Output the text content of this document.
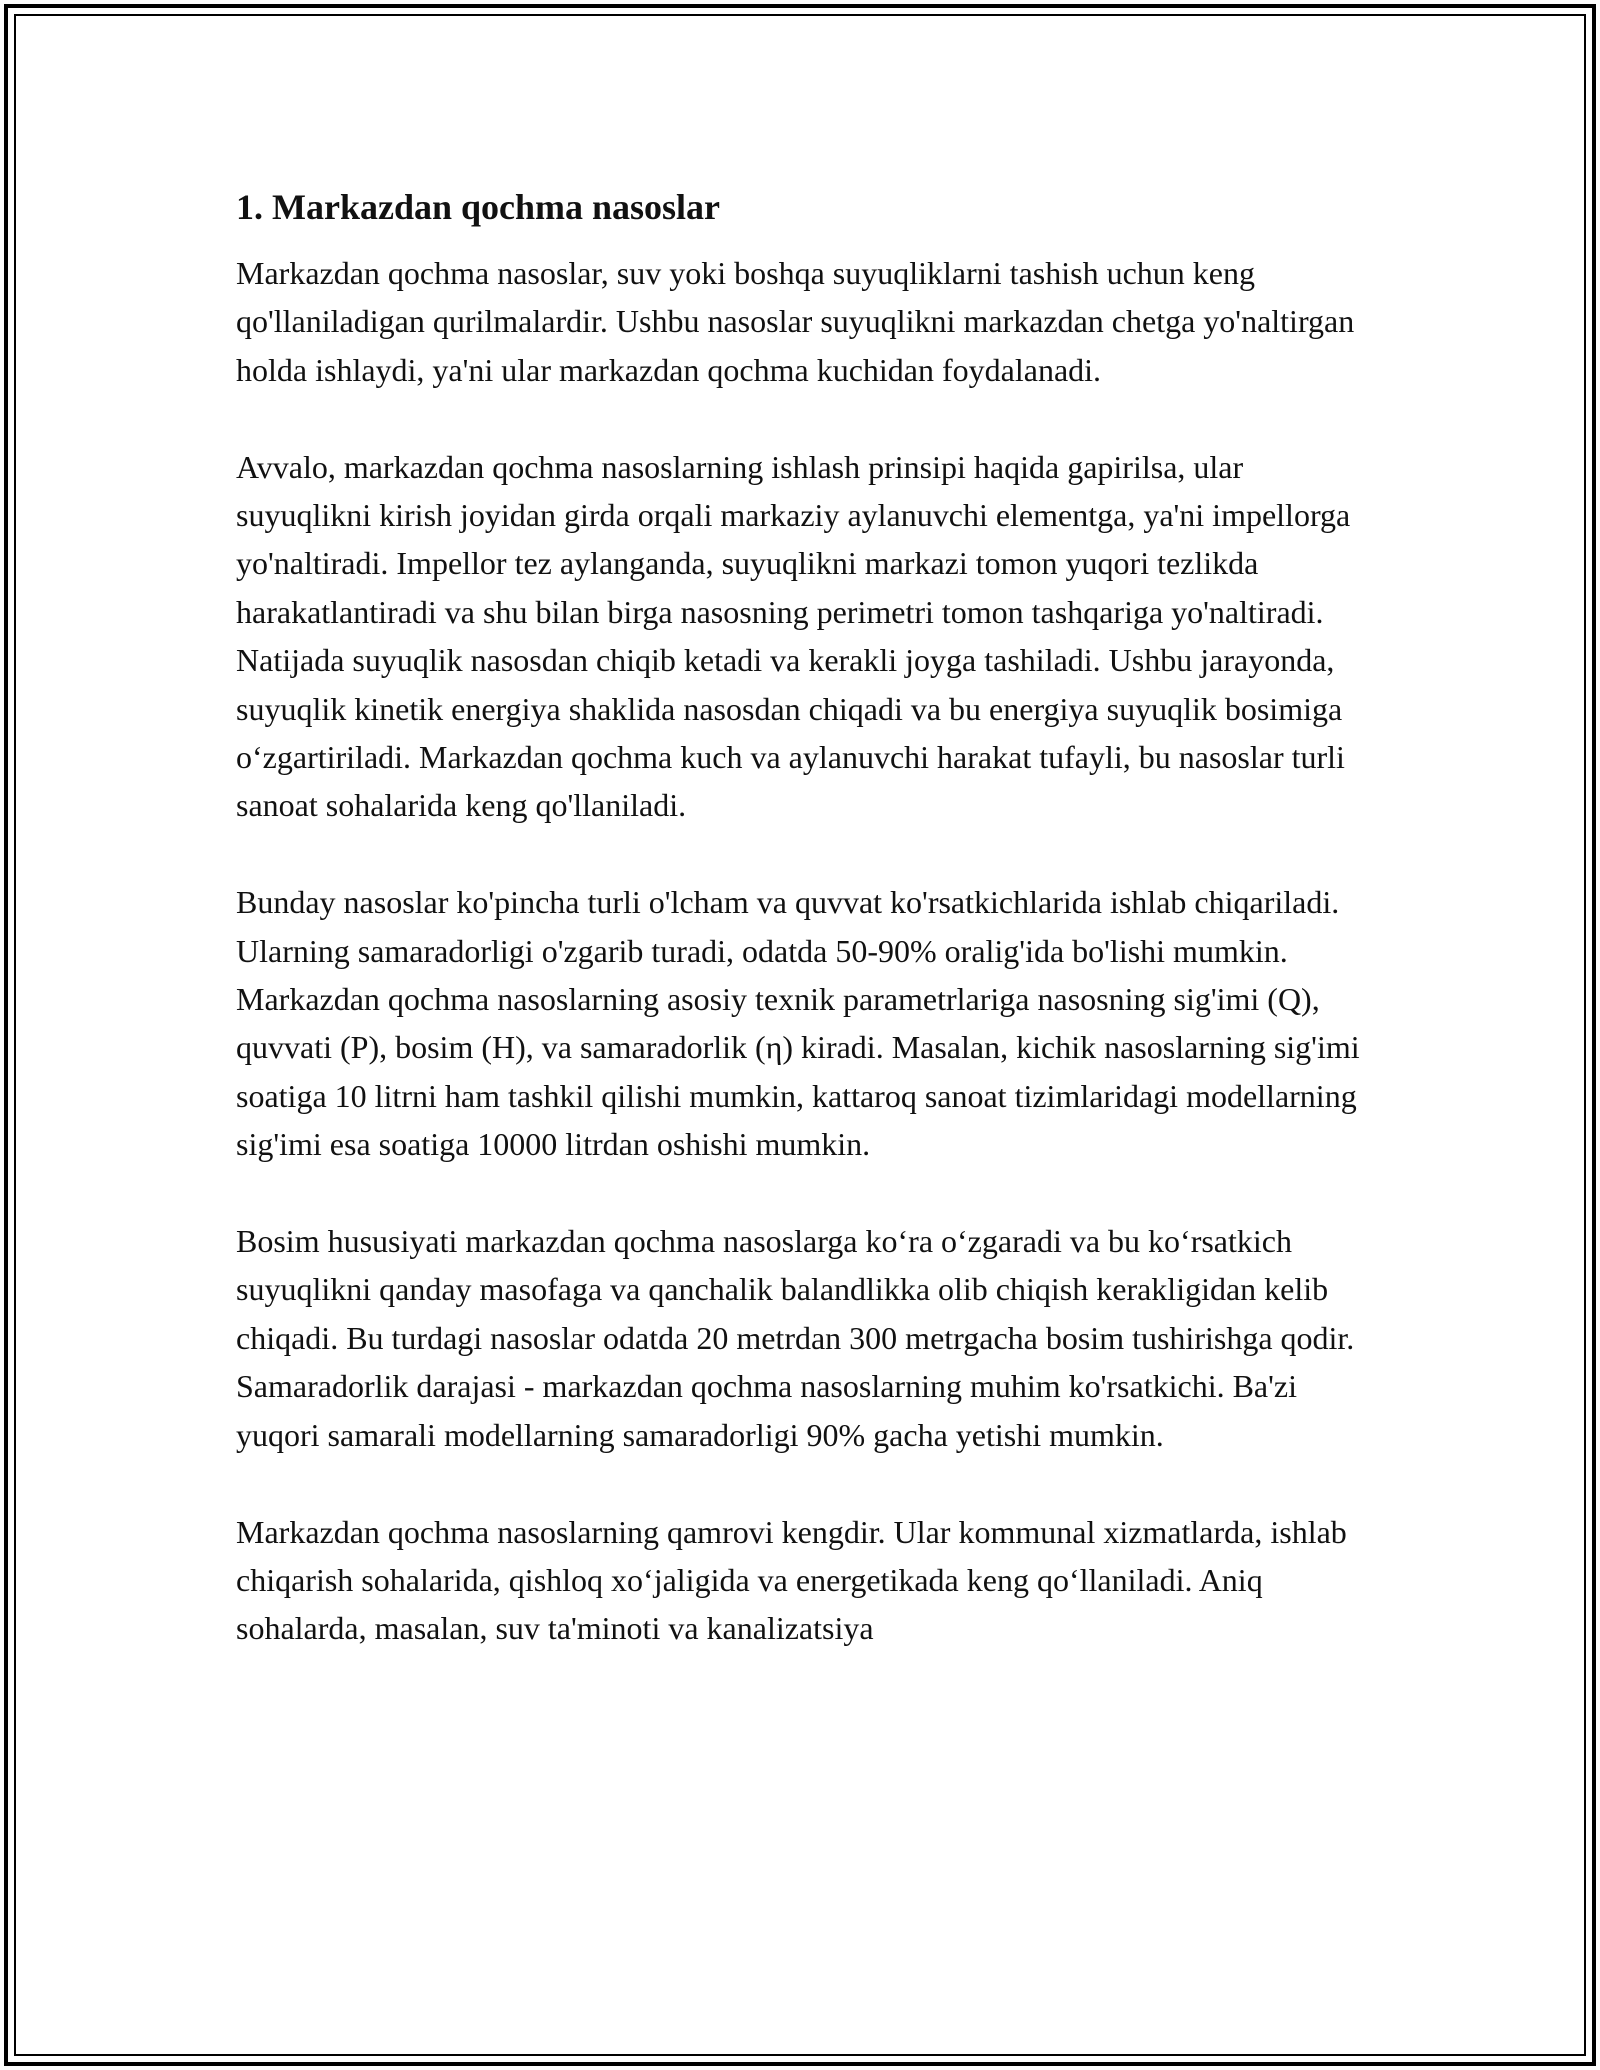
1. Markazdan qochma nasoslar

Markazdan qochma nasoslar, suv yoki boshqa suyuqliklarni tashish uchun keng qo'llaniladigan qurilmalardir. Ushbu nasoslar suyuqlikni markazdan chetga yo'naltirgan holda ishlaydi, ya'ni ular markazdan qochma kuchidan foydalanadi.

Avvalo, markazdan qochma nasoslarning ishlash prinsipi haqida gapirilsa, ular suyuqlikni kirish joyidan girda orqali markaziy aylanuvchi elementga, ya'ni impellorga yo'naltiradi. Impellor tez aylanganda, suyuqlikni markazi tomon yuqori tezlikda harakatlantiradi va shu bilan birga nasosning perimetri tomon tashqariga yo'naltiradi. Natijada suyuqlik nasosdan chiqib ketadi va kerakli joyga tashiladi. Ushbu jarayonda, suyuqlik kinetik energiya shaklida nasosdan chiqadi va bu energiya suyuqlik bosimiga o‘zgartiriladi. Markazdan qochma kuch va aylanuvchi harakat tufayli, bu nasoslar turli sanoat sohalarida keng qo'llaniladi.

Bunday nasoslar ko'pincha turli o'lcham va quvvat ko'rsatkichlarida ishlab chiqariladi. Ularning samaradorligi o'zgarib turadi, odatda 50-90% oralig'ida bo'lishi mumkin. Markazdan qochma nasoslarning asosiy texnik parametrlariga nasosning sig'imi (Q), quvvati (P), bosim (H), va samaradorlik (η) kiradi. Masalan, kichik nasoslarning sig'imi soatiga 10 litrni ham tashkil qilishi mumkin, kattaroq sanoat tizimlaridagi modellarning sig'imi esa soatiga 10000 litrdan oshishi mumkin.

Bosim hususiyati markazdan qochma nasoslarga ko‘ra o‘zgaradi va bu ko‘rsatkich suyuqlikni qanday masofaga va qanchalik balandlikka olib chiqish kerakligidan kelib chiqadi. Bu turdagi nasoslar odatda 20 metrdan 300 metrgacha bosim tushirishga qodir. Samaradorlik darajasi - markazdan qochma nasoslarning muhim ko'rsatkichi. Ba'zi yuqori samarali modellarning samaradorligi 90% gacha yetishi mumkin.

Markazdan qochma nasoslarning qamrovi kengdir. Ular kommunal xizmatlarda, ishlab chiqarish sohalarida, qishloq xo‘jaligida va energetikada keng qo‘llaniladi. Aniq sohalarda, masalan, suv ta'minoti va kanalizatsiya
